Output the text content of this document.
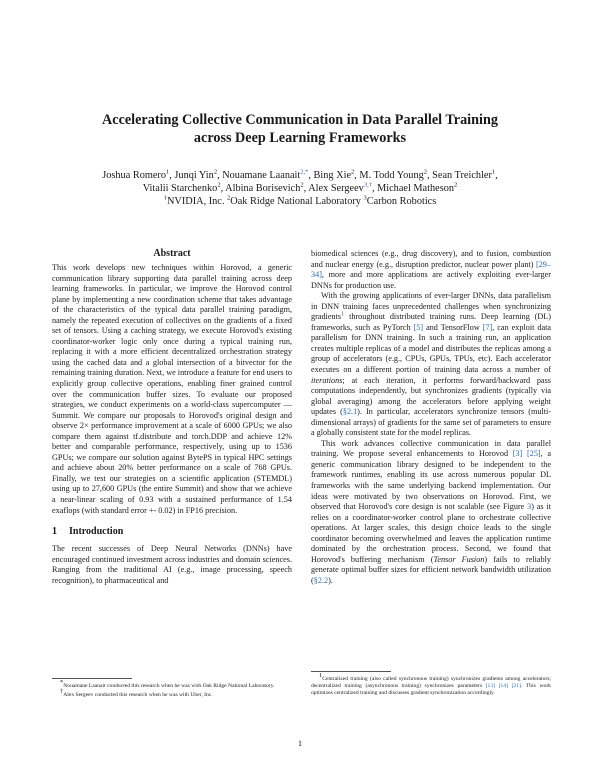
Accelerating Collective Communication in Data Parallel Training
across Deep Learning Frameworks
Joshua Romero$^1$, Junqi Yin$^2$, Nouamane Laanait$^{2,*}$, Bing Xie$^2$, M. Todd Young$^2$, Sean Treichler$^1$,
Vitalii Starchenko$^2$, Albina Borisevich$^2$, Alex Sergeev$^{3,\dagger}$, Michael Matheson$^2$
$^1$NVIDIA, Inc. $^2$Oak Ridge National Laboratory $^3$Carbon Robotics
Abstract

This work develops new techniques within Horovod, a generic communication library supporting data parallel training across deep learning frameworks. In particular, we improve the Horovod control plane by implementing a new coordination scheme that takes advantage of the characteristics of the typical data parallel training paradigm, namely the repeated execution of collectives on the gradients of a fixed set of tensors. Using a caching strategy, we execute Horovod's existing coordinator-worker logic only once during a typical training run, replacing it with a more efficient decentralized orchestration strategy using the cached data and a global intersection of a bitvector for the remaining training duration. Next, we introduce a feature for end users to explicitly group collective operations, enabling finer grained control over the communication buffer sizes. To evaluate our proposed strategies, we conduct experiments on a world-class supercomputer — Summit. We compare our proposals to Horovod's original design and observe 2× performance improvement at a scale of 6000 GPUs; we also compare them against tf.distribute and torch.DDP and achieve 12% better and comparable performance, respectively, using up to 1536 GPUs; we compare our solution against BytePS in typical HPC settings and achieve about 20% better performance on a scale of 768 GPUs. Finally, we test our strategies on a scientific application (STEMDL) using up to 27,600 GPUs (the entire Summit) and show that we achieve a near-linear scaling of 0.93 with a sustained performance of 1.54 exaflops (with standard error +- 0.02) in FP16 precision.

1 Introduction

The recent successes of Deep Neural Networks (DNNs) have encouraged continued investment across industries and domain sciences. Ranging from the traditional AI (e.g., image processing, speech recognition), to pharmaceutical and

*Nouamane Laanait conducted this research when he was with Oak Ridge National Laboratory.

†Alex Sergeev conducted this research when he was with Uber, Inc.

biomedical sciences (e.g., drug discovery), and to fusion, combustion and nuclear energy (e.g., disruption predictor, nuclear power plant) [29–34], more and more applications are actively exploiting ever-larger DNNs for production use.

With the growing applications of ever-larger DNNs, data parallelism in DNN training faces unprecedented challenges when synchronizing gradients$^1$ throughout distributed training runs. Deep learning (DL) frameworks, such as PyTorch [5] and TensorFlow [7], can exploit data parallelism for DNN training. In such a training run, an application creates multiple replicas of a model and distributes the replicas among a group of accelerators (e.g., CPUs, GPUs, TPUs, etc). Each accelerator executes on a different portion of training data across a number of iterations; at each iteration, it performs forward/backward pass computations independently, but synchronizes gradients (typically via global averaging) among the accelerators before applying weight updates (§2.1). In particular, accelerators synchronize tensors (multi-dimensional arrays) of gradients for the same set of parameters to ensure a globally consistent state for the model replicas.

This work advances collective communication in data parallel training. We propose several enhancements to Horovod [3] [25], a generic communication library designed to be independent to the framework runtimes, enabling its use across numerous popular DL frameworks with the same underlying backend implementation. Our ideas were motivated by two observations on Horovod. First, we observed that Horovod's core design is not scalable (see Figure 3) as it relies on a coordinator-worker control plane to orchestrate collective operations. At larger scales, this design choice leads to the single coordinator becoming overwhelmed and leaves the application runtime dominated by the orchestration process. Second, we found that Horovod's buffering mechanism (Tensor Fusion) fails to reliably generate optimal buffer sizes for efficient network bandwidth utilization (§2.2).

$^1$Centralized training (also called synchronous training) synchronizes gradients among accelerators; decentralized training (asynchronous training) synchronizes parameters [13] [14] [21]. This work optimizes centralized training and discusses gradient synchronization accordingly.

1
